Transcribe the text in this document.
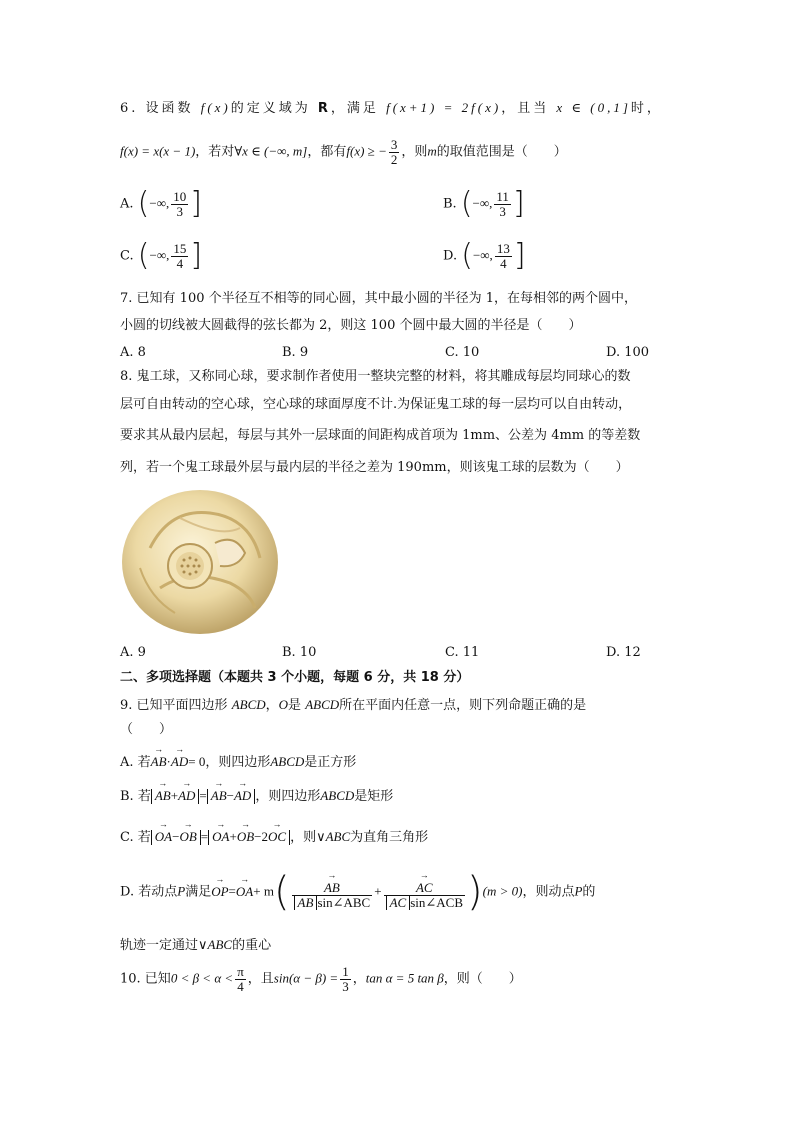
6. 设函数 f(x)的定义域为 R，满足 f(x+1) = 2f(x)，且当 x ∈ (0,1]时，
f(x) = x(x − 1)，若对∀x ∈ (−∞, m]，都有f(x) ≥ − $\frac{3}{2}$ ，则m的取值范围是（　　）
A. (−∞, $\frac{10}{3}$ ]	B. (−∞, $\frac{11}{3}$ ]
C. (−∞, $\frac{15}{4}$ ]	D. (−∞, $\frac{13}{4}$ ]
7. 已知有 100 个半径互不相等的同心圆，其中最小圆的半径为 1，在每相邻的两个圆中，
小圆的切线被大圆截得的弦长都为 2，则这 100 个圆中最大圆的半径是（　　）
A. 8	B. 9	C. 10	D. 100
8. 鬼工球，又称同心球，要求制作者使用一整块完整的材料，将其雕成每层均同球心的数
层可自由转动的空心球，空心球的球面厚度不计.为保证鬼工球的每一层均可以自由转动，
要求其从最内层起，每层与其外一层球面的间距构成首项为 1mm、公差为 4mm 的等差数
列，若一个鬼工球最外层与最内层的半径之差为 190mm，则该鬼工球的层数为（　　）
A. 9	B. 10	C. 11	D. 12
二、多项选择题（本题共 3 个小题，每题 6 分，共 18 分）
9. 已知平面四边形 ABCD，O是 ABCD所在平面内任意一点，则下列命题正确的是
（　　）
A. 若→ AB·→ AD= 0，则四边形ABCD是正方形
B. 若→ AB+→ AD =→ AB−→ AD ，则四边形ABCD是矩形
C. 若→ OA−→ OB =→ OA+→ OB−2→ OC ，则∨ABC为直角三角形
D. 若动点P满足→ OP=→ OA+ m(
→ $\frac{AB}{\text{AB sin∠ABC}}$ +
→ $\frac{AC}{\text{AC sin∠ACB}} )(m > 0)$，则动点P的
轨迹一定通过∨ABC的重心
10. 已知$0 < \beta < \alpha < \frac{\pi}{4}$ ，且$\sin(\alpha - \beta) = \frac{1}{3}$ ，tan α = 5 tan β，则（　　）
